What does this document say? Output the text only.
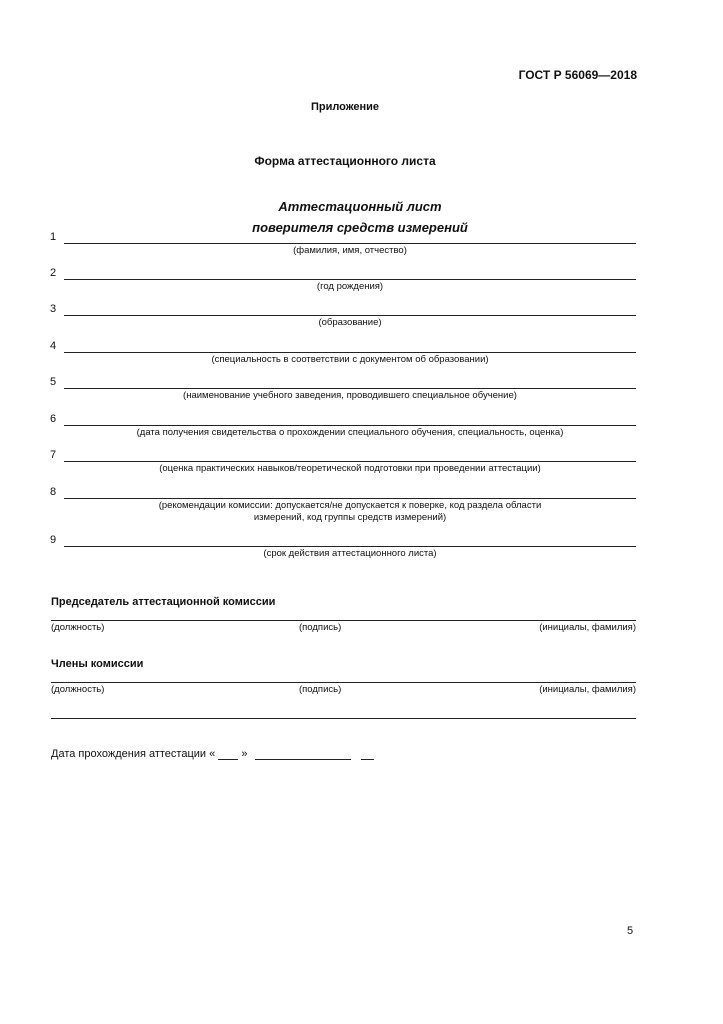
ГОСТ Р 56069—2018
Приложение
Форма аттестационного листа
Аттестационный лист
поверителя средств измерений
1
(фамилия, имя, отчество)
2
(год рождения)
3
(образование)
4
(специальность в соответствии с документом об образовании)
5
(наименование учебного заведения, проводившего специальное обучение)
6
(дата получения свидетельства о прохождении специального обучения, специальность, оценка)
7
(оценка практических навыков/теоретической подготовки при проведении аттестации)
8
(рекомендации комиссии: допускается/не допускается к поверке, код раздела области
измерений, код группы средств измерений)
9
(срок действия аттестационного листа)
Председатель аттестационной комиссии
(должность)	(подпись)	(инициалы, фамилия)
Члены комиссии
(должность)	(подпись)	(инициалы, фамилия)
Дата прохождения аттестации « »
5
